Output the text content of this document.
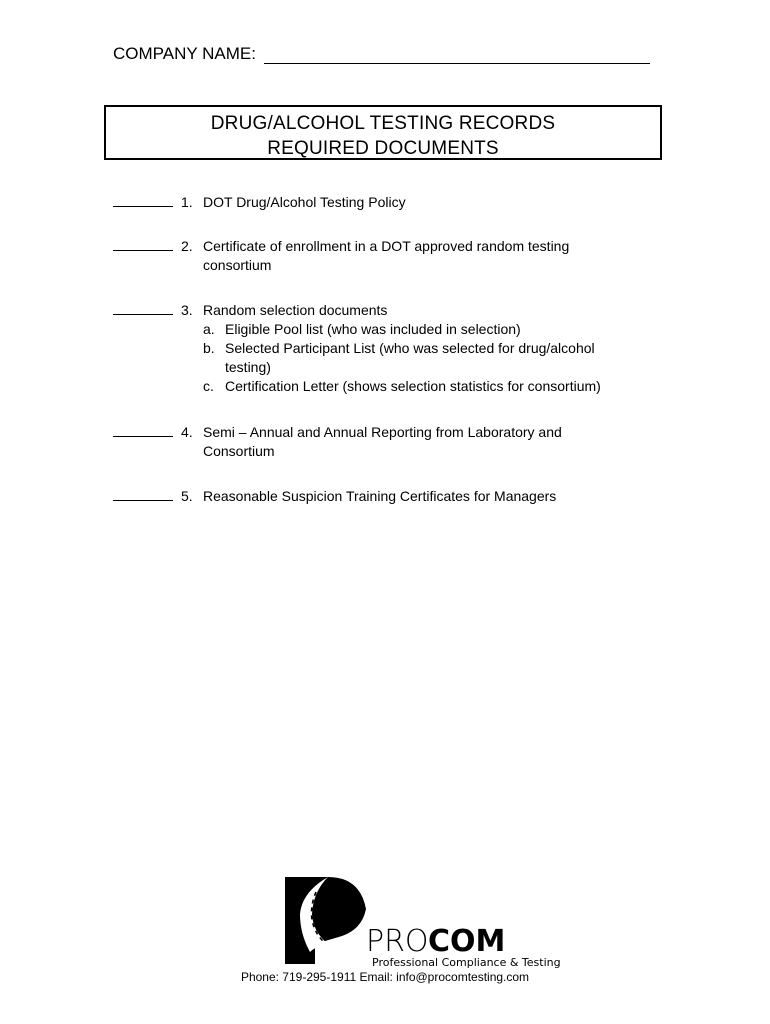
COMPANY NAME:
DRUG/ALCOHOL TESTING RECORDS
REQUIRED DOCUMENTS
1. DOT Drug/Alcohol Testing Policy
2. Certificate of enrollment in a DOT approved random testing consortium
3. Random selection documents
a. Eligible Pool list (who was included in selection)
b. Selected Participant List (who was selected for drug/alcohol testing)
c. Certification Letter (shows selection statistics for consortium)
4. Semi – Annual and Annual Reporting from Laboratory and Consortium
5. Reasonable Suspicion Training Certificates for Managers
PRO COM
Professional Compliance & Testing
Phone: 719-295-1911 Email: info@procomtesting.com
